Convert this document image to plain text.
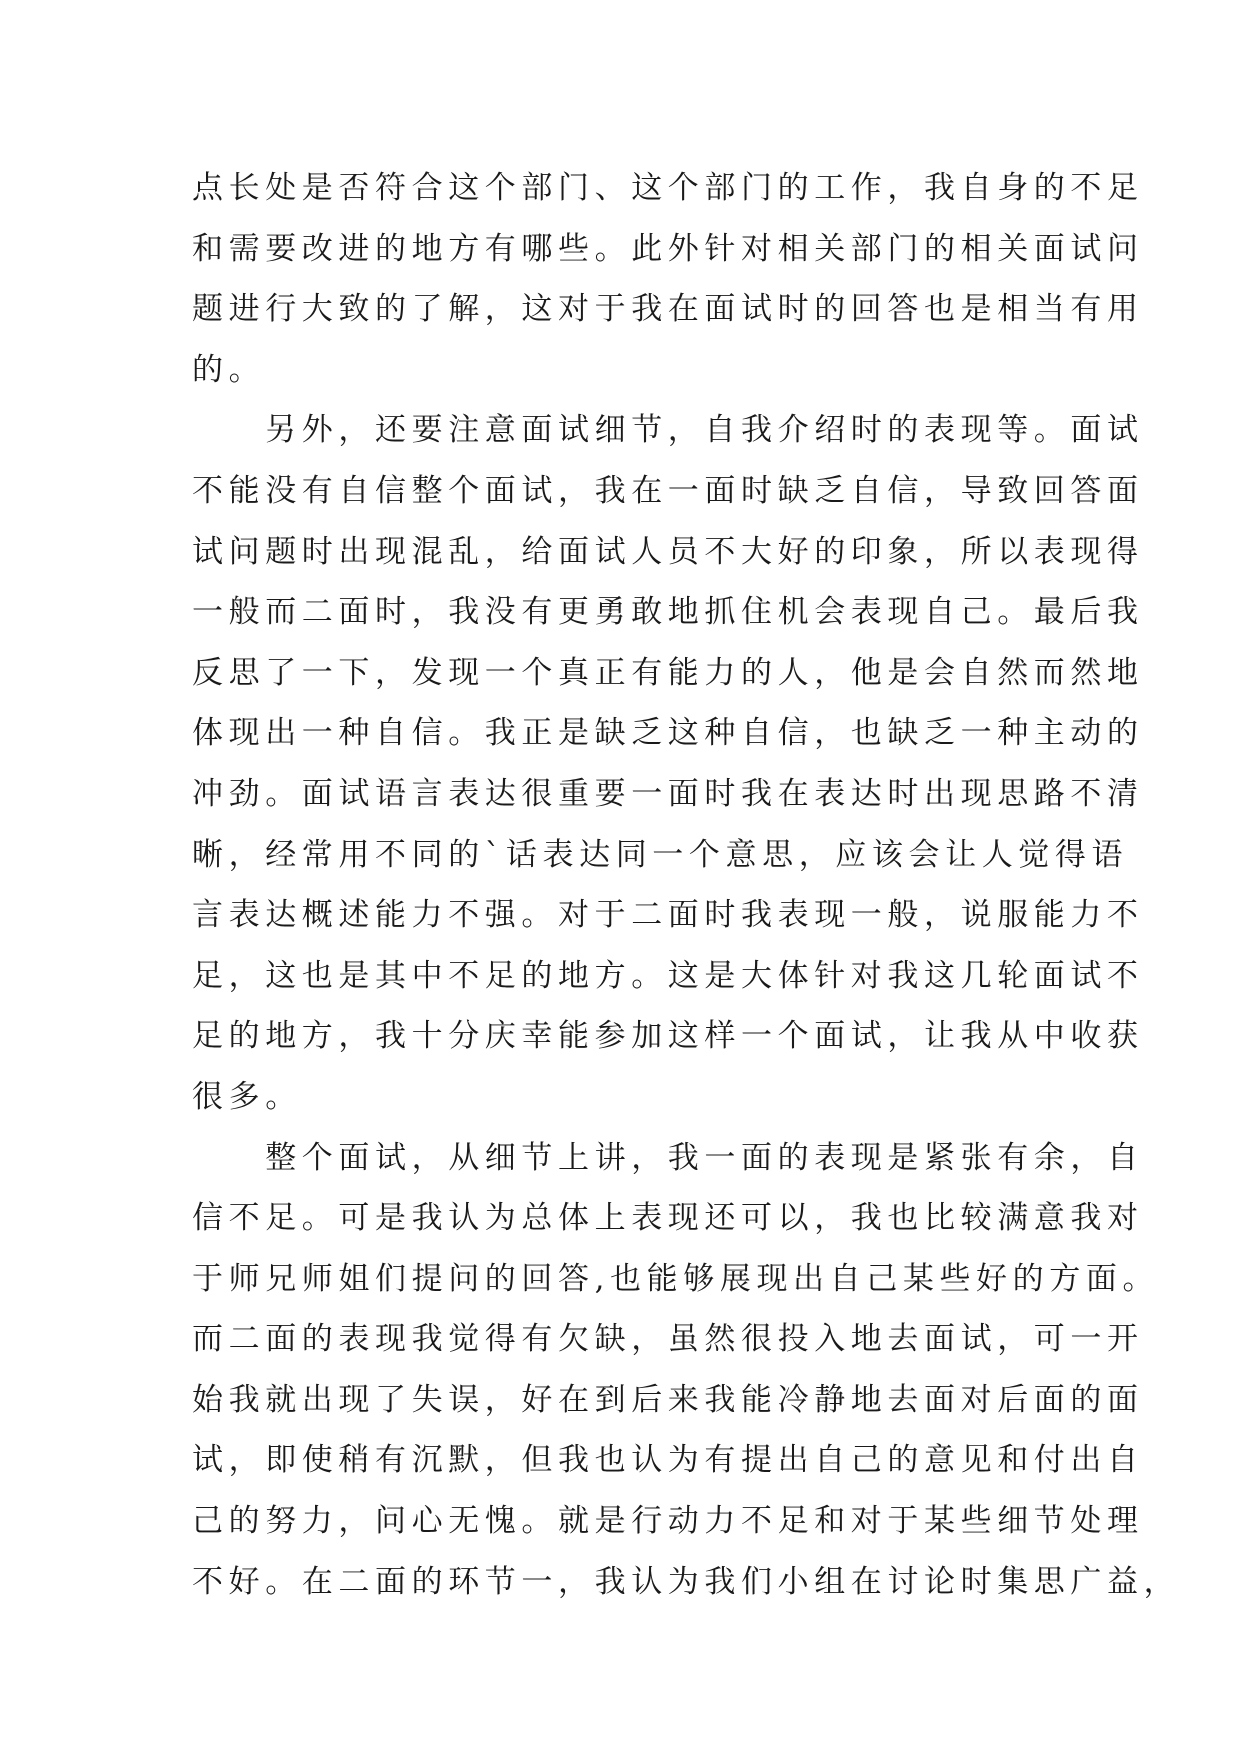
点长处是否符合这个部门、这个部门的工作，我自身的不足
和需要改进的地方有哪些。此外针对相关部门的相关面试问
题进行大致的了解，这对于我在面试时的回答也是相当有用
的。
　　另外，还要注意面试细节，自我介绍时的表现等。面试
不能没有自信整个面试，我在一面时缺乏自信，导致回答面
试问题时出现混乱，给面试人员不大好的印象，所以表现得
一般而二面时，我没有更勇敢地抓住机会表现自己。最后我
反思了一下，发现一个真正有能力的人，他是会自然而然地
体现出一种自信。我正是缺乏这种自信，也缺乏一种主动的
冲劲。面试语言表达很重要一面时我在表达时出现思路不清
晰，经常用不同的`话表达同一个意思，应该会让人觉得语
言表达概述能力不强。对于二面时我表现一般，说服能力不
足，这也是其中不足的地方。这是大体针对我这几轮面试不
足的地方，我十分庆幸能参加这样一个面试，让我从中收获
很多。
　　整个面试，从细节上讲，我一面的表现是紧张有余，自
信不足。可是我认为总体上表现还可以，我也比较满意我对
于师兄师姐们提问的回答,也能够展现出自己某些好的方面。
而二面的表现我觉得有欠缺，虽然很投入地去面试，可一开
始我就出现了失误，好在到后来我能冷静地去面对后面的面
试，即使稍有沉默，但我也认为有提出自己的意见和付出自
己的努力，问心无愧。就是行动力不足和对于某些细节处理
不好。在二面的环节一，我认为我们小组在讨论时集思广益，
